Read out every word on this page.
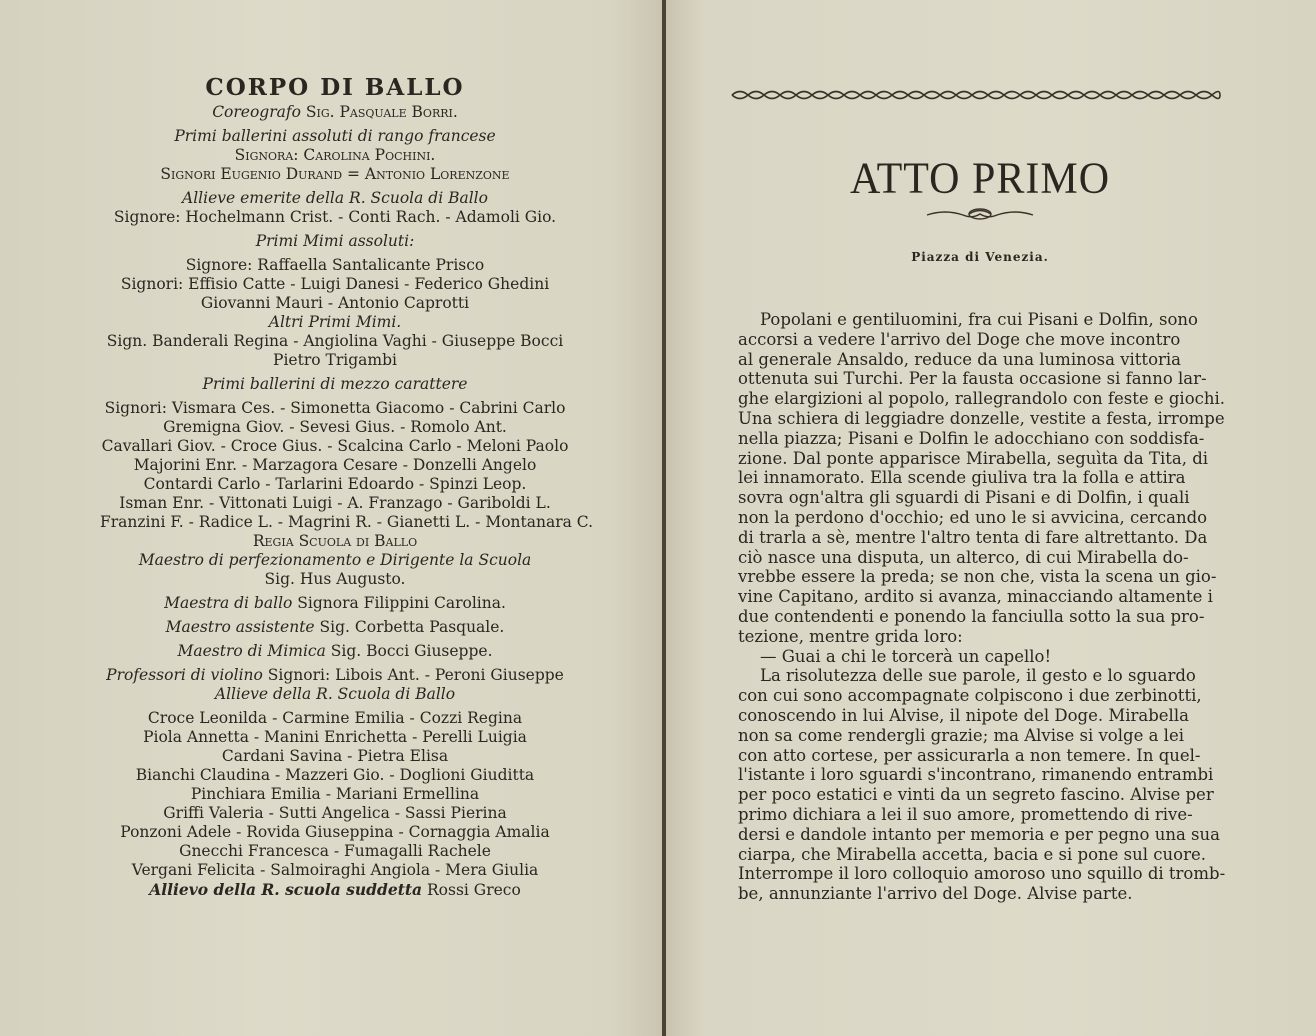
CORPO DI BALLO
Coreografo Sig. Pasquale Borri.
Primi ballerini assoluti di rango francese
Signora: Carolina Pochini.
Signori Eugenio Durand = Antonio Lorenzone
Allieve emerite della R. Scuola di Ballo
Signore: Hochelmann Crist. - Conti Rach. - Adamoli Gio.
Primi Mimi assoluti:
Signore: Raffaella Santalicante Prisco
Signori: Effisio Catte - Luigi Danesi - Federico Ghedini
Giovanni Mauri - Antonio Caprotti
Altri Primi Mimi.
Sign. Banderali Regina - Angiolina Vaghi - Giuseppe Bocci
Pietro Trigambi
Primi ballerini di mezzo carattere
Signori: Vismara Ces. - Simonetta Giacomo - Cabrini Carlo
Gremigna Giov. - Sevesi Gius. - Romolo Ant.
Cavallari Giov. - Croce Gius. - Scalcina Carlo - Meloni Paolo
Majorini Enr. - Marzagora Cesare - Donzelli Angelo
Contardi Carlo - Tarlarini Edoardo - Spinzi Leop.
Isman Enr. - Vittonati Luigi - A. Franzago - Gariboldi L.
Franzini F. - Radice L. - Magrini R. - Gianetti L. - Montanara C.
Regia Scuola di Ballo
Maestro di perfezionamento e Dirigente la Scuola
Sig. Hus Augusto.
Maestra di ballo Signora Filippini Carolina.
Maestro assistente Sig. Corbetta Pasquale.
Maestro di Mimica Sig. Bocci Giuseppe.
Professori di violino Signori: Libois Ant. - Peroni Giuseppe
Allieve della R. Scuola di Ballo
Croce Leonilda - Carmine Emilia - Cozzi Regina
Piola Annetta - Manini Enrichetta - Perelli Luigia
Cardani Savina - Pietra Elisa
Bianchi Claudina - Mazzeri Gio. - Doglioni Giuditta
Pinchiara Emilia - Mariani Ermellina
Griffi Valeria - Sutti Angelica - Sassi Pierina
Ponzoni Adele - Rovida Giuseppina - Cornaggia Amalia
Gnecchi Francesca - Fumagalli Rachele
Vergani Felicita - Salmoiraghi Angiola - Mera Giulia
Allievo della R. scuola suddetta Rossi Greco
ATTO PRIMO
Piazza di Venezia.

Popolani e gentiluomini, fra cui Pisani e Dolfin, sono

accorsi a vedere l'arrivo del Doge che move incontro
al generale Ansaldo, reduce da una luminosa vittoria
ottenuta sui Turchi. Per la fausta occasione si fanno lar-
ghe elargizioni al popolo, rallegrandolo con feste e giochi.
Una schiera di leggiadre donzelle, vestite a festa, irrompe
nella piazza; Pisani e Dolfin le adocchiano con soddisfa-
zione. Dal ponte apparisce Mirabella, seguìta da Tita, di
lei innamorato. Ella scende giuliva tra la folla e attira
sovra ogn'altra gli sguardi di Pisani e di Dolfin, i quali
non la perdono d'occhio; ed uno le si avvicina, cercando
di trarla a sè, mentre l'altro tenta di fare altrettanto. Da
ciò nasce una disputa, un alterco, di cui Mirabella do-
vrebbe essere la preda; se non che, vista la scena un gio-
vine Capitano, ardito si avanza, minacciando altamente i
due contendenti e ponendo la fanciulla sotto la sua pro-
tezione, mentre grida loro:

— Guai a chi le torcerà un capello!

La risolutezza delle sue parole, il gesto e lo sguardo

con cui sono accompagnate colpiscono i due zerbinotti,
conoscendo in lui Alvise, il nipote del Doge. Mirabella
non sa come rendergli grazie; ma Alvise si volge a lei
con atto cortese, per assicurarla a non temere. In quel-
l'istante i loro sguardi s'incontrano, rimanendo entrambi
per poco estatici e vinti da un segreto fascino. Alvise per
primo dichiara a lei il suo amore, promettendo di rive-
dersi e dandole intanto per memoria e per pegno una sua
ciarpa, che Mirabella accetta, bacia e si pone sul cuore.
Interrompe il loro colloquio amoroso uno squillo di tromb-
be, annunziante l'arrivo del Doge. Alvise parte.
